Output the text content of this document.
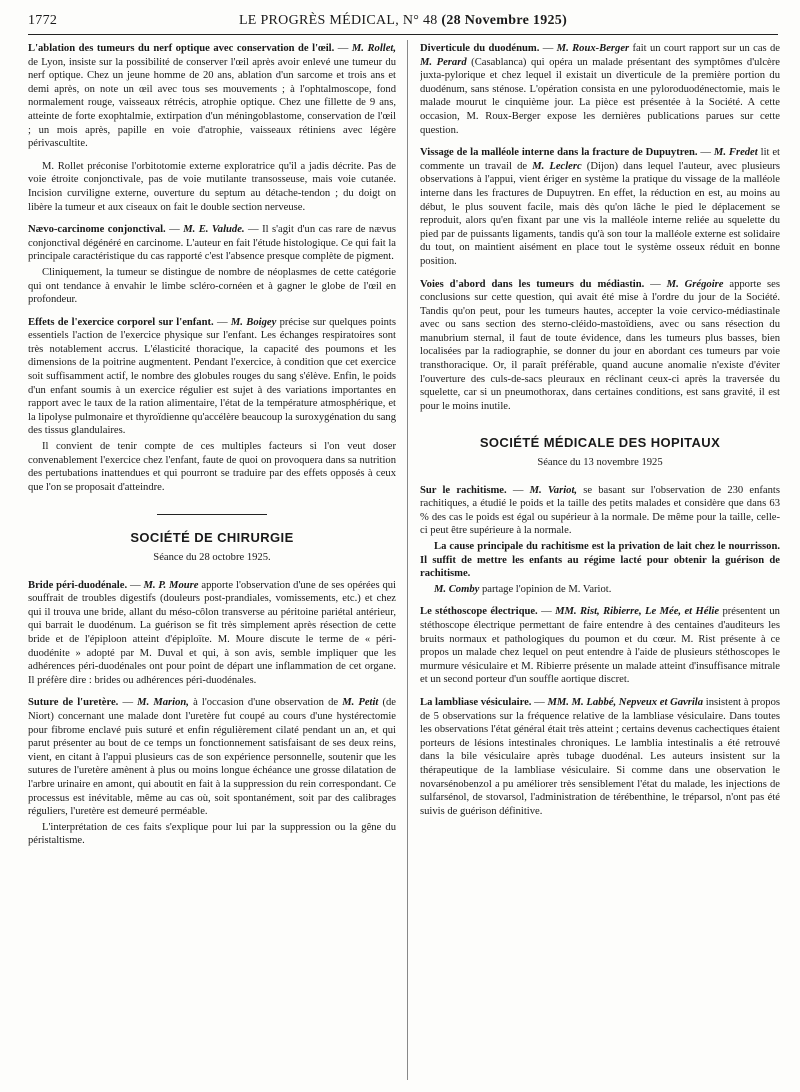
1772	LE PROGRÈS MÉDICAL, N° 48 (28 Novembre 1925)

L'ablation des tumeurs du nerf optique avec conservation de l'œil. — M. Rollet, de Lyon, insiste sur la possibilité de conserver l'œil après avoir enlevé une tumeur du nerf optique. Chez un jeune homme de 20 ans, ablation d'un sarcome et trois ans et demi après, on note un œil avec tous ses mouvements ; à l'ophtalmoscope, fond normalement rouge, vaisseaux rétrécis, atrophie optique. Chez une fillette de 9 ans, atteinte de forte exophtalmie, extirpation d'un méningoblastome, conservation de l'œil ; un mois après, papille en voie d'atrophie, vaisseaux rétiniens avec légère périvascultite.

M. Rollet préconise l'orbitotomie externe exploratrice qu'il a jadis décrite. Pas de voie étroite conjonctivale, pas de voie mutilante transosseuse, mais voie cutanée. Incision curviligne externe, ouverture du septum au détache-tendon ; du doigt on libère la tumeur et aux ciseaux on fait le double section nerveuse.

Nævo-carcinome conjonctival. — M. E. Valude. — Il s'agit d'un cas rare de nævus conjonctival dégénéré en carcinome. L'auteur en fait l'étude histologique. Ce qui fait la principale caractéristique du cas rapporté c'est l'absence presque complète de pigment.

Cliniquement, la tumeur se distingue de nombre de néoplasmes de cette catégorie qui ont tendance à envahir le limbe scléro-cornéen et à gagner le globe de l'œil en profondeur.

Effets de l'exercice corporel sur l'enfant. — M. Boigey précise sur quelques points essentiels l'action de l'exercice physique sur l'enfant. Les échanges respiratoires sont très notablement accrus. L'élasticité thoracique, la capacité des poumons et les dimensions de la poitrine augmentent. Pendant l'exercice, à condition que cet exercice soit suffisamment actif, le nombre des globules rouges du sang s'élève. Enfin, le poids d'un enfant soumis à un exercice régulier est sujet à des variations importantes en rapport avec le taux de la ration alimentaire, l'état de la température atmosphérique, et la lipolyse pulmonaire et thyroïdienne qu'accélère beaucoup la suroxygénation du sang des tissus glandulaires.

Il convient de tenir compte de ces multiples facteurs si l'on veut doser convenablement l'exercice chez l'enfant, faute de quoi on provoquera dans sa nutrition des pertubations inattendues et qui pourront se traduire par des effets opposés à ceux que l'on se proposait d'atteindre.

SOCIÉTÉ DE CHIRURGIE
Séance du 28 octobre 1925.

Bride péri-duodénale. — M. P. Moure apporte l'observation d'une de ses opérées qui souffrait de troubles digestifs (douleurs post-prandiales, vomissements, etc.) et chez qui il trouva une bride, allant du méso-côlon transverse au péritoine pariétal antérieur, qui barrait le duodénum. La guérison se fit très simplement après résection de cette bride et de l'épiploon atteint d'épiploïte. M. Moure discute le terme de « péri-duodénite » adopté par M. Duval et qui, à son avis, semble impliquer que les adhérences péri-duodénales ont pour point de départ une inflammation de cet organe. Il préfère dire : brides ou adhérences péri-duodénales.

Suture de l'uretère. — M. Marion, à l'occasion d'une observation de M. Petit (de Niort) concernant une malade dont l'uretère fut coupé au cours d'une hystérectomie pour fibrome enclavé puis suturé et enfin régulièrement cilaté pendant un an, et qui parut présenter au bout de ce temps un fonctionnement satisfaisant de ses deux reins, vient, en citant à l'appui plusieurs cas de son expérience personnelle, soutenir que les sutures de l'uretère amènent à plus ou moins longue échéance une grosse dilatation de l'arbre urinaire en amont, qui aboutit en fait à la suppression du rein correspondant. Ce processus est inévitable, même au cas où, soit spontanément, soit par des calibrages réguliers, l'uretère est demeuré perméable.

L'interprétation de ces faits s'explique pour lui par la suppression ou la gêne du péristaltisme.

Diverticule du duodénum. — M. Roux-Berger fait un court rapport sur un cas de M. Perard (Casablanca) qui opéra un malade présentant des symptômes d'ulcère juxta-pylorique et chez lequel il existait un diverticule de la première portion du duodénum, sans sténose. L'opération consista en une pyloroduodénectomie, mais le malade mourut le cinquième jour. La pièce est présentée à la Société. A cette occasion, M. Roux-Berger expose les dernières publications parues sur cette question.

Vissage de la malléole interne dans la fracture de Dupuytren. — M. Fredet lit et commente un travail de M. Leclerc (Dijon) dans lequel l'auteur, avec plusieurs observations à l'appui, vient ériger en système la pratique du vissage de la malléole interne dans les fractures de Dupuytren. En effet, la réduction en est, au moins au début, le plus souvent facile, mais dès qu'on lâche le pied le déplacement se reproduit, alors qu'en fixant par une vis la malléole interne reliée au squelette du pied par de puissants ligaments, tandis qu'à son tour la malléole externe est solidaire du tout, on maintient aisément en place tout le système osseux réduit en bonne position.

Voies d'abord dans les tumeurs du médiastin. — M. Grégoire apporte ses conclusions sur cette question, qui avait été mise à l'ordre du jour de la Société. Tandis qu'on peut, pour les tumeurs hautes, accepter la voie cervico-médiastinale avec ou sans section des sterno-cléido-mastoïdiens, avec ou sans résection du manubrium sternal, il faut de toute évidence, dans les tumeurs plus basses, bien localisées par la radiographie, se donner du jour en abordant ces tumeurs par voie transthoracique. Or, il paraît préférable, quand aucune anomalie n'existe d'éviter l'ouverture des culs-de-sacs pleuraux en réclinant ceux-ci après la traversée du squelette, car si un pneumothorax, dans certaines conditions, est sans gravité, il est pour le moins inutile.

SOCIÉTÉ MÉDICALE DES HOPITAUX
Séance du 13 novembre 1925

Sur le rachitisme. — M. Variot, se basant sur l'observation de 230 enfants rachitiques, a étudié le poids et la taille des petits malades et considère que dans 63 % des cas le poids est égal ou supérieur à la normale. De même pour la taille, celle-ci peut être supérieure à la normale.

La cause principale du rachitisme est la privation de lait chez le nourrisson. Il suffit de mettre les enfants au régime lacté pour obtenir la guérison de rachitisme.

M. Comby partage l'opinion de M. Variot.

Le stéthoscope électrique. — MM. Rist, Ribierre, Le Mée, et Hélie présentent un stéthoscope électrique permettant de faire entendre à des centaines d'auditeurs les bruits normaux et pathologiques du poumon et du cœur. M. Rist présente à ce propos un malade chez lequel on peut entendre à l'aide de plusieurs stéthoscopes le murmure vésiculaire et M. Ribierre présente un malade atteint d'insuffisance mitrale et un second porteur d'un souffle aortique discret.

La lambliase vésiculaire. — MM. M. Labbé, Nepveux et Gavrila insistent à propos de 5 observations sur la fréquence relative de la lambliase vésiculaire. Dans toutes les observations l'état général était très atteint ; certains devenus cachectiques étaient porteurs de lésions intestinales chroniques. Le lamblia intestinalis a été retrouvé dans la bile vésiculaire après tubage duodénal. Les auteurs insistent sur la thérapeutique de la lambliase vésiculaire. Si comme dans une observation le novarsénobenzol a pu améliorer très sensiblement l'état du malade, les injections de sulfarsénol, de stovarsol, l'administration de térébenthine, le tréparsol, n'ont pas été suivis de guérison définitive.
